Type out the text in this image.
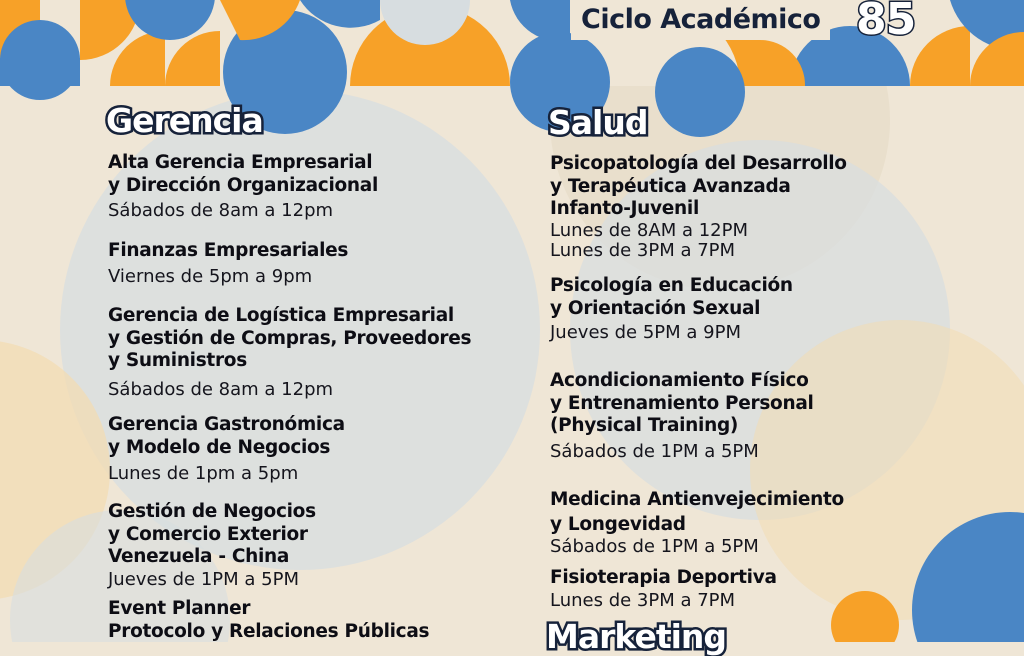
Ciclo Académico 85
Gerencia
Alta Gerencia Empresarial
y Dirección Organizacional
Sábados de 8am a 12pm
Finanzas Empresariales
Viernes de 5pm a 9pm
Gerencia de Logística Empresarial
y Gestión de Compras, Proveedores
y Suministros
Sábados de 8am a 12pm
Gerencia Gastronómica
y Modelo de Negocios
Lunes de 1pm a 5pm
Gestión de Negocios
y Comercio Exterior
Venezuela - China
Jueves de 1PM a 5PM
Event Planner
Protocolo y Relaciones Públicas
Salud
Psicopatología del Desarrollo
y Terapéutica Avanzada
Infanto-Juvenil
Lunes de 8AM a 12PM
Lunes de 3PM a 7PM
Psicología en Educación
y Orientación Sexual
Jueves de 5PM a 9PM
Acondicionamiento Físico
y Entrenamiento Personal
(Physical Training)
Sábados de 1PM a 5PM
Medicina Antienvejecimiento
y Longevidad
Sábados de 1PM a 5PM
Fisioterapia Deportiva
Lunes de 3PM a 7PM
Marketing
